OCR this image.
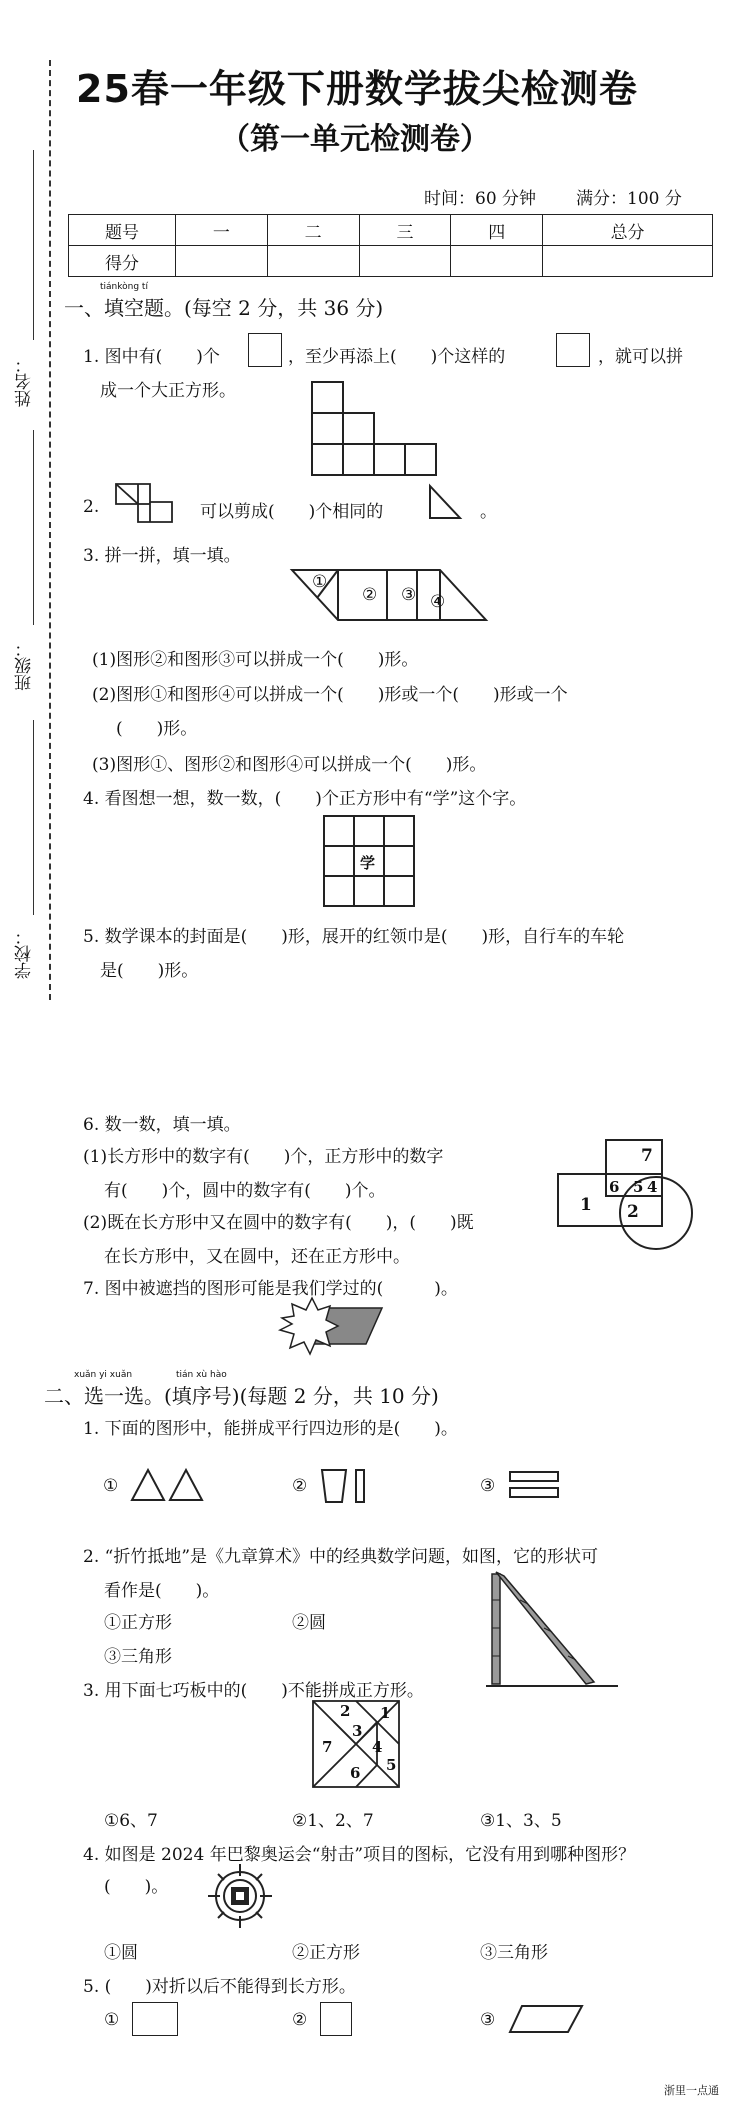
25春一年级下册数学拔尖检测卷
（第一单元检测卷）
时间：60 分钟 满分：100 分
姓名：
班级：
学校：
题号	一	二	三	四	总分
得分					
tiánkòng tí
一、填空题。(每空 2 分，共 36 分)
1. 图中有(　　)个	，至少再添上(　　)个这样的	，就可以拼
成一个大正方形。
2.	可以剪成(　　)个相同的	。
3. 拼一拼，填一填。
①
② ③ ④
(1)图形②和图形③可以拼成一个(　　)形。
(2)图形①和图形④可以拼成一个(　　)形或一个(　　)形或一个
(　　)形。
(3)图形①、图形②和图形④可以拼成一个(　　)形。
4. 看图想一想，数一数，(　　)个正方形中有“学”这个字。
学
5. 数学课本的封面是(　　)形，展开的红领巾是(　　)形，自行车的车轮
是(　　)形。
6. 数一数，填一填。
(1)长方形中的数字有(　　)个，正方形中的数字
有(　　)个，圆中的数字有(　　)个。
(2)既在长方形中又在圆中的数字有(　　)，(　　)既
在长方形中，又在圆中，还在正方形中。
7
6 5 4
1 2
7. 图中被遮挡的图形可能是我们学过的(　　　)。
xuǎn yi xuǎn	tián xù hào
二、选一选。(填序号)(每题 2 分，共 10 分)
1. 下面的图形中，能拼成平行四边形的是(　　)。
①	②	③
2. “折竹抵地”是《九章算术》中的经典数学问题，如图，它的形状可
看作是(　　)。
①正方形	②圆
③三角形
3. 用下面七巧板中的(　　)不能拼成正方形。
2 1
3
7	4
6 5
①6、7	②1、2、7	③1、3、5
4. 如图是 2024 年巴黎奥运会“射击”项目的图标，它没有用到哪种图形？
(　　)。
①圆	②正方形	③三角形
5. (　　)对折以后不能得到长方形。
①	②	③
浙里一点通
